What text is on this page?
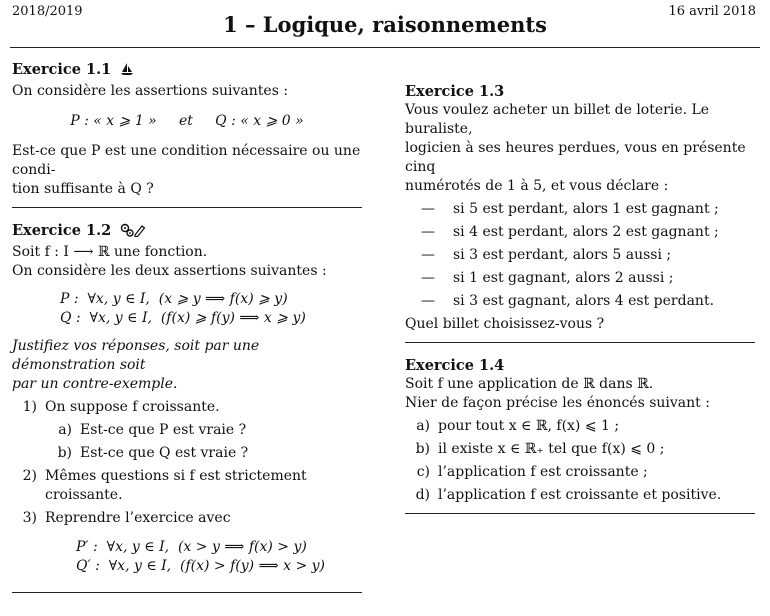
2018/2019
1 – Logique, raisonnements
16 avril 2018
Exercice 1.1
On considère les assertions suivantes :
P : « x ⩾ 1 »     et     Q : « x ⩾ 0 »
Est-ce que P est une condition nécessaire ou une condi-
tion suffisante à Q ?
Exercice 1.2
Soit f : I ⟶ ℝ une fonction.
On considère les deux assertions suivantes :
P :  ∀x, y ∈ I,  (x ⩾ y ⟹ f(x) ⩾ y)
Q :  ∀x, y ∈ I,  (f(x) ⩾ f(y) ⟹ x ⩾ y)
Justifiez vos réponses, soit par une démonstration soit
par un contre-exemple.
1) On suppose f croissante.
a) Est-ce que P est vraie ?
b) Est-ce que Q est vraie ?
2) Mêmes questions si f est strictement croissante.
3) Reprendre l’exercice avec
P′ :  ∀x, y ∈ I,  (x > y ⟹ f(x) > y)
Q′ :  ∀x, y ∈ I,  (f(x) > f(y) ⟹ x > y)
Exercice 1.3
Vous voulez acheter un billet de loterie. Le buraliste,
logicien à ses heures perdues, vous en présente cinq
numérotés de 1 à 5, et vous déclare :
—	si 5 est perdant, alors 1 est gagnant ;
—	si 4 est perdant, alors 2 est gagnant ;
—	si 3 est perdant, alors 5 aussi ;
—	si 1 est gagnant, alors 2 aussi ;
—	si 3 est gagnant, alors 4 est perdant.
Quel billet choisissez-vous ?
Exercice 1.4
Soit f une application de ℝ dans ℝ.
Nier de façon précise les énoncés suivant :
a) pour tout x ∈ ℝ, f(x) ⩽ 1 ;
b) il existe x ∈ ℝ₊ tel que f(x) ⩽ 0 ;
c) l’application f est croissante ;
d) l’application f est croissante et positive.
